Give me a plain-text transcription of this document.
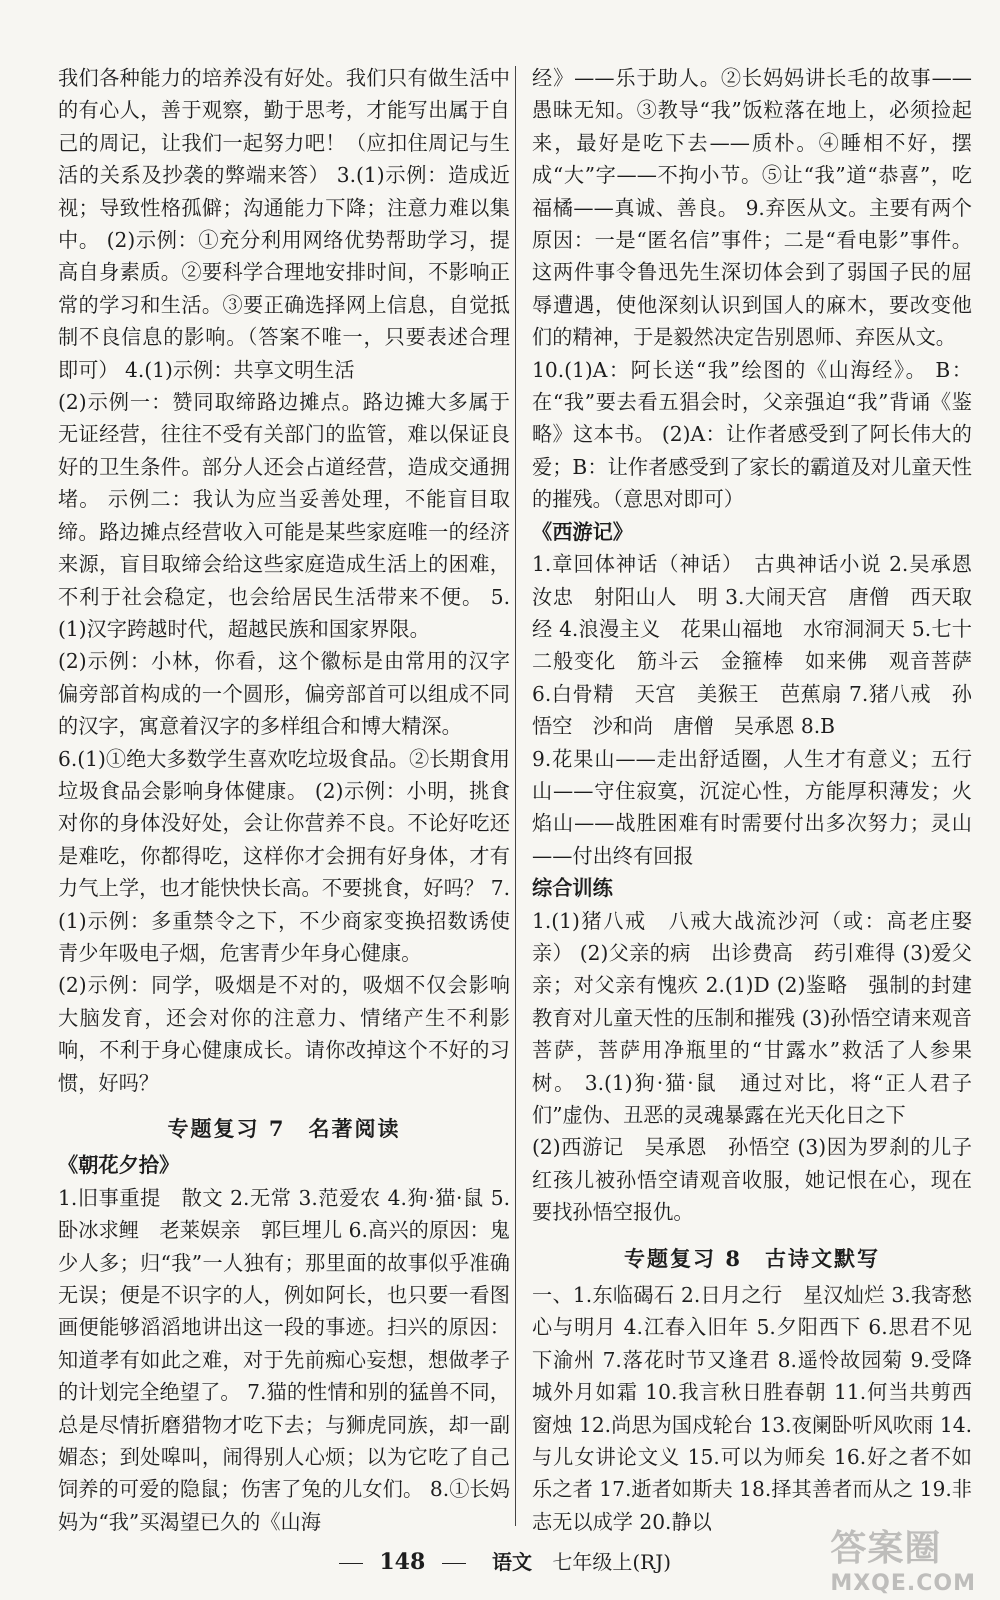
我们各种能力的培养没有好处。我们只有做生活中的有心人，善于观察，勤于思考，才能写出属于自己的周记，让我们一起努力吧！（应扣住周记与生活的关系及抄袭的弊端来答） 3.(1)示例：造成近视；导致性格孤僻；沟通能力下降；注意力难以集中。 (2)示例：①充分利用网络优势帮助学习，提高自身素质。②要科学合理地安排时间，不影响正常的学习和生活。③要正确选择网上信息，自觉抵制不良信息的影响。（答案不唯一，只要表述合理即可） 4.(1)示例：共享文明生活

(2)示例一：赞同取缔路边摊点。路边摊大多属于无证经营，往往不受有关部门的监管，难以保证良好的卫生条件。部分人还会占道经营，造成交通拥堵。 示例二：我认为应当妥善处理，不能盲目取缔。路边摊点经营收入可能是某些家庭唯一的经济来源，盲目取缔会给这些家庭造成生活上的困难，不利于社会稳定，也会给居民生活带来不便。 5.(1)汉字跨越时代，超越民族和国家界限。

(2)示例：小林，你看，这个徽标是由常用的汉字偏旁部首构成的一个圆形，偏旁部首可以组成不同的汉字，寓意着汉字的多样组合和博大精深。

6.(1)①绝大多数学生喜欢吃垃圾食品。②长期食用垃圾食品会影响身体健康。 (2)示例：小明，挑食对你的身体没好处，会让你营养不良。不论好吃还是难吃，你都得吃，这样你才会拥有好身体，才有力气上学，也才能快快长高。不要挑食，好吗？ 7.(1)示例：多重禁令之下，不少商家变换招数诱使青少年吸电子烟，危害青少年身心健康。

(2)示例：同学，吸烟是不对的，吸烟不仅会影响大脑发育，还会对你的注意力、情绪产生不利影响，不利于身心健康成长。请你改掉这个不好的习惯，好吗？

专题复习 7　名著阅读

《朝花夕拾》

1.旧事重提　散文 2.无常 3.范爱农 4.狗·猫·鼠 5.卧冰求鲤　老莱娱亲　郭巨埋儿 6.高兴的原因：鬼少人多；归“我”一人独有；那里面的故事似乎准确无误；便是不识字的人，例如阿长，也只要一看图画便能够滔滔地讲出这一段的事迹。扫兴的原因：知道孝有如此之难，对于先前痴心妄想，想做孝子的计划完全绝望了。 7.猫的性情和别的猛兽不同，总是尽情折磨猎物才吃下去；与狮虎同族，却一副媚态；到处嗥叫，闹得别人心烦；以为它吃了自己饲养的可爱的隐鼠；伤害了兔的儿女们。 8.①长妈妈为“我”买渴望已久的《山海

经》——乐于助人。②长妈妈讲长毛的故事——愚昧无知。③教导“我”饭粒落在地上，必须捡起来，最好是吃下去——质朴。④睡相不好，摆成“大”字——不拘小节。⑤让“我”道“恭喜”，吃福橘——真诚、善良。 9.弃医从文。主要有两个原因：一是“匿名信”事件；二是“看电影”事件。这两件事令鲁迅先生深切体会到了弱国子民的屈辱遭遇，使他深刻认识到国人的麻木，要改变他们的精神，于是毅然决定告别恩师、弃医从文。

10.(1)A：阿长送“我”绘图的《山海经》。 B：在“我”要去看五猖会时，父亲强迫“我”背诵《鉴略》这本书。 (2)A：让作者感受到了阿长伟大的爱；B：让作者感受到了家长的霸道及对儿童天性的摧残。（意思对即可）

《西游记》

1.章回体神话（神话）　古典神话小说 2.吴承恩　汝忠　射阳山人　明 3.大闹天宫　唐僧　西天取经 4.浪漫主义　花果山福地　水帘洞洞天 5.七十二般变化　筋斗云　金箍棒　如来佛　观音菩萨 6.白骨精　天宫　美猴王　芭蕉扇 7.猪八戒　孙悟空　沙和尚　唐僧　吴承恩 8.B

9.花果山——走出舒适圈，人生才有意义；五行山——守住寂寞，沉淀心性，方能厚积薄发；火焰山——战胜困难有时需要付出多次努力；灵山——付出终有回报

综合训练

1.(1)猪八戒　八戒大战流沙河（或：高老庄娶亲） (2)父亲的病　出诊费高　药引难得 (3)爱父亲；对父亲有愧疚 2.(1)D (2)鉴略　强制的封建教育对儿童天性的压制和摧残 (3)孙悟空请来观音菩萨，菩萨用净瓶里的“甘露水”救活了人参果树。 3.(1)狗·猫·鼠　通过对比，将“正人君子们”虚伪、丑恶的灵魂暴露在光天化日之下

(2)西游记　吴承恩　孙悟空 (3)因为罗刹的儿子红孩儿被孙悟空请观音收服，她记恨在心，现在要找孙悟空报仇。

专题复习 8　古诗文默写

一、1.东临碣石 2.日月之行　星汉灿烂 3.我寄愁心与明月 4.江春入旧年 5.夕阳西下 6.思君不见下渝州 7.落花时节又逢君 8.遥怜故园菊 9.受降城外月如霜 10.我言秋日胜春朝 11.何当共剪西窗烛 12.尚思为国戍轮台 13.夜阑卧听风吹雨 14.与儿女讲论文义 15.可以为师矣 16.好之者不如乐之者 17.逝者如斯夫 18.择其善者而从之 19.非志无以成学 20.静以

148	语文 七年级上(RJ)	答案圈
MXQE.COM
